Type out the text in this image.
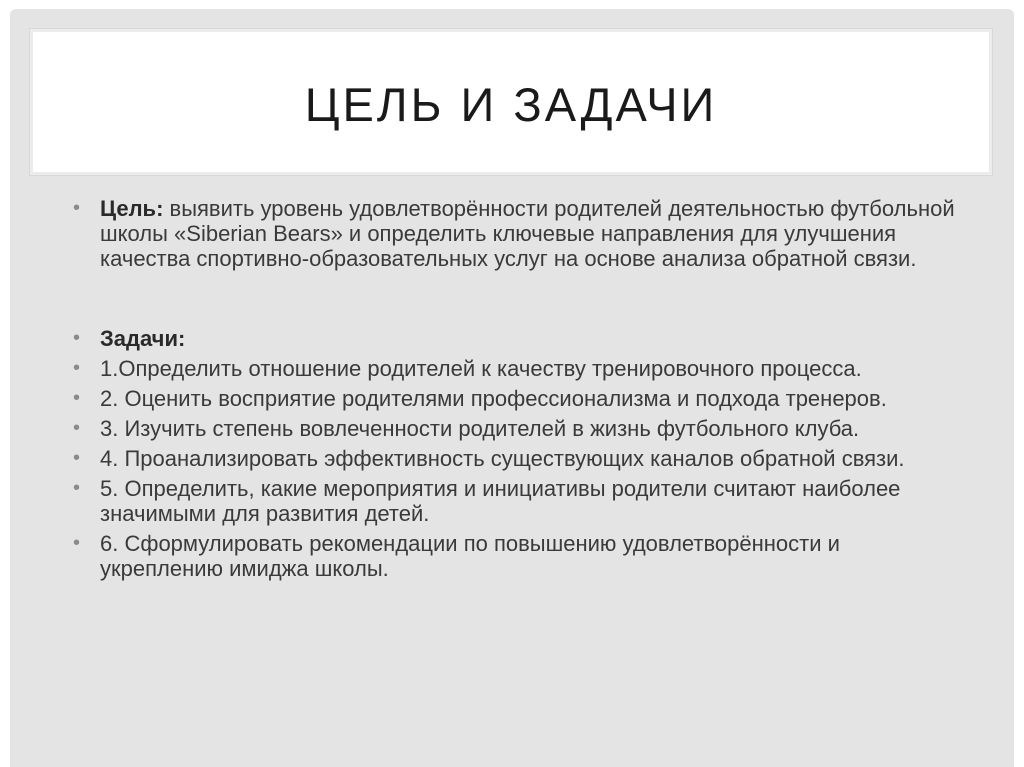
ЦЕЛЬ И ЗАДАЧИ
• Цель: выявить уровень удовлетворённости родителей деятельностью футбольной школы «Siberian Bears» и определить ключевые направления для улучшения качества спортивно-образовательных услуг на основе анализа обратной связи.
• Задачи:
• 1.Определить отношение родителей к качеству тренировочного процесса.
• 2. Оценить восприятие родителями профессионализма и подхода тренеров.
• 3. Изучить степень вовлеченности родителей в жизнь футбольного клуба.
• 4. Проанализировать эффективность существующих каналов обратной связи.
• 5. Определить, какие мероприятия и инициативы родители считают наиболее значимыми для развития детей.
• 6. Сформулировать рекомендации по повышению удовлетворённости и укреплению имиджа школы.
